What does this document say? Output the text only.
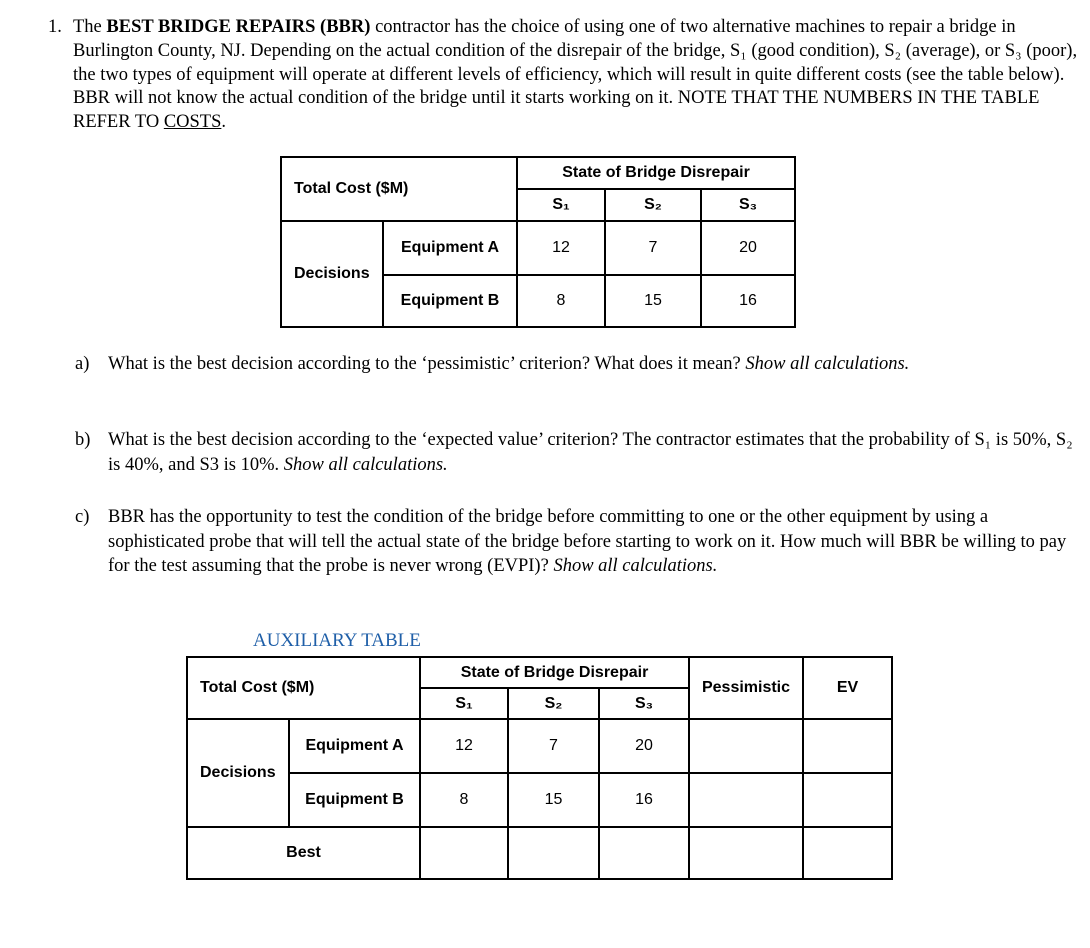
1. The BEST BRIDGE REPAIRS (BBR) contractor has the choice of using one of two alternative machines to repair a bridge in Burlington County, NJ. Depending on the actual condition of the disrepair of the bridge, S₁ (good condition), S₂ (average), or S₃ (poor), the two types of equipment will operate at different levels of efficiency, which will result in quite different costs (see the table below). BBR will not know the actual condition of the bridge until it starts working on it. NOTE THAT THE NUMBERS IN THE TABLE REFER TO COSTS.
Total Cost ($M)		State of Bridge Disrepair		
		S₁	S₂	S₃
Decisions	Equipment A	12	7	20
	Equipment B	8	15	16
a) What is the best decision according to the ‘pessimistic’ criterion? What does it mean? Show all calculations.
b) What is the best decision according to the ‘expected value’ criterion? The contractor estimates that the probability of S₁ is 50%, S₂ is 40%, and S3 is 10%. Show all calculations.
c) BBR has the opportunity to test the condition of the bridge before committing to one or the other equipment by using a sophisticated probe that will tell the actual state of the bridge before starting to work on it. How much will BBR be willing to pay for the test assuming that the probe is never wrong (EVPI)? Show all calculations.
AUXILIARY TABLE
Total Cost ($M)		State of Bridge Disrepair			Pessimistic	EV
		S₁	S₂	S₃		
Decisions	Equipment A	12	7	20		
	Equipment B	8	15	16		
Best						
